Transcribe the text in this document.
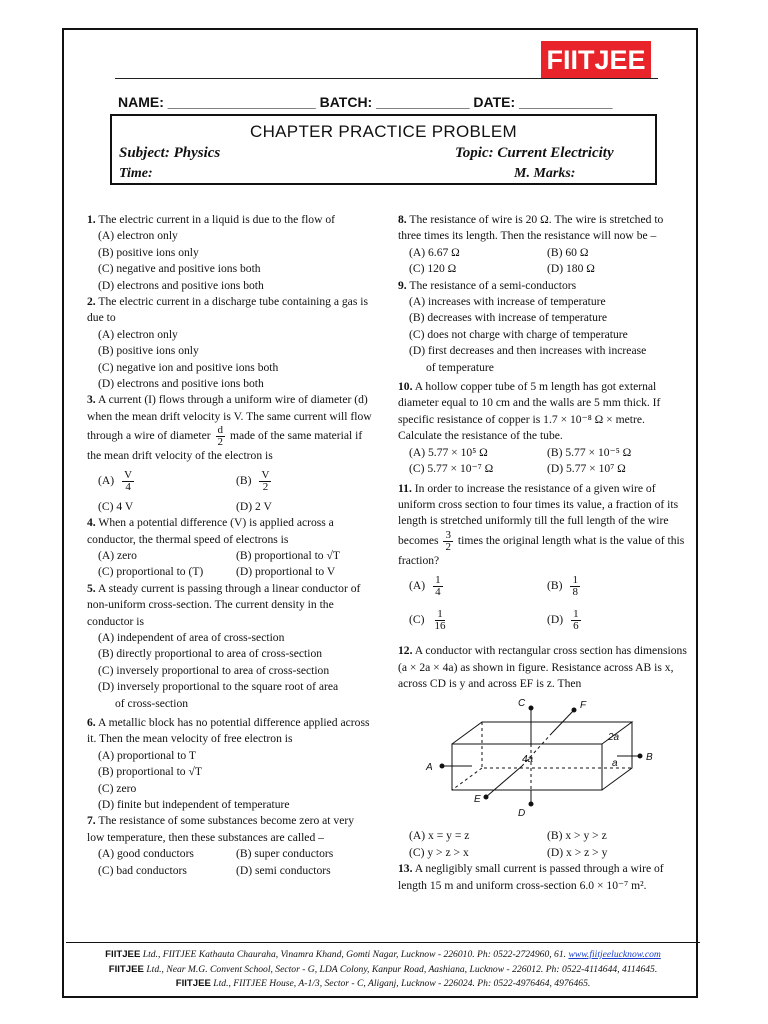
FIITJEE
NAME: ___________________ BATCH: ____________ DATE: ____________
CHAPTER PRACTICE PROBLEM
Subject: Physics	Topic: Current Electricity
Time:	M. Marks:
1. The electric current in a liquid is due to the flow of
(A) electron only
(B) positive ions only
(C) negative and positive ions both
(D) electrons and positive ions both
2. The electric current in a discharge tube containing a gas is due to
(A) electron only
(B) positive ions only
(C) negative ion and positive ions both
(D) electrons and positive ions both
3. A current (I) flows through a uniform wire of diameter (d) when the mean drift velocity is V. The same current will flow through a wire of diameter $\frac{d}{2}$ made of the same material if the mean drift velocity of the electron is
$(A) \frac{V}{4}$	$(B) \frac{V}{2}$
(C) 4 V	(D) 2 V
4. When a potential difference (V) is applied across a conductor, the thermal speed of electrons is
(A) zero	(B) proportional to √T
(C) proportional to (T)	(D) proportional to V
5. A steady current is passing through a linear conductor of non-uniform cross-section. The current density in the conductor is
(A) independent of area of cross-section
(B) directly proportional to area of cross-section
(C) inversely proportional to area of cross-section
(D) inversely proportional to the square root of area
of cross-section
6. A metallic block has no potential difference applied across it. Then the mean velocity of free electron is
(A) proportional to T
(B) proportional to √T
(C) zero
(D) finite but independent of temperature
7. The resistance of some substances become zero at very low temperature, then these substances are called –
(A) good conductors	(B) super conductors
(C) bad conductors	(D) semi conductors
8. The resistance of wire is 20 Ω. The wire is stretched to three times its length. Then the resistance will now be –
(A) 6.67 Ω	(B) 60 Ω
(C) 120 Ω	(D) 180 Ω
9. The resistance of a semi-conductors
(A) increases with increase of temperature
(B) decreases with increase of temperature
(C) does not charge with charge of temperature
(D) first decreases and then increases with increase
of temperature
10. A hollow copper tube of 5 m length has got external diameter equal to 10 cm and the walls are 5 mm thick. If specific resistance of copper is 1.7 × 10⁻⁸ Ω × metre. Calculate the resistance of the tube.
(A) 5.77 × 10⁵ Ω	(B) 5.77 × 10⁻⁵ Ω
(C) 5.77 × 10⁻⁷ Ω	(D) 5.77 × 10⁷ Ω
11. In order to increase the resistance of a given wire of uniform cross section to four times its value, a fraction of its length is stretched uniformly till the full length of the wire becomes $\frac{3}{2}$ times the original length what is the value of this fraction?
$(A) \frac{1}{4}$	$(B) \frac{1}{8}$
$(C) \frac{1}{16}$	$(D) \frac{1}{6}$
12. A conductor with rectangular cross section has dimensions (a × 2a × 4a) as shown in figure. Resistance across AB is x, across CD is y and across EF is z. Then
C	F
A
B
E
D
2a
4a	a
(A) x = y = z	(B) x > y > z
(C) y > z > x	(D) x > z > y
13. A negligibly small current is passed through a wire of length 15 m and uniform cross-section 6.0 × 10⁻⁷ m².
FIITJEE Ltd., FIITJEE Kathauta Chauraha, Vinamra Khand, Gomti Nagar, Lucknow - 226010. Ph: 0522-2724960, 61. www.fiitjeelucknow.com
FIITJEE Ltd., Near M.G. Convent School, Sector - G, LDA Colony, Kanpur Road, Aashiana, Lucknow - 226012. Ph: 0522-4114644, 4114645.
FIITJEE Ltd., FIITJEE House, A-1/3, Sector - C, Aliganj, Lucknow - 226024. Ph: 0522-4976464, 4976465.
